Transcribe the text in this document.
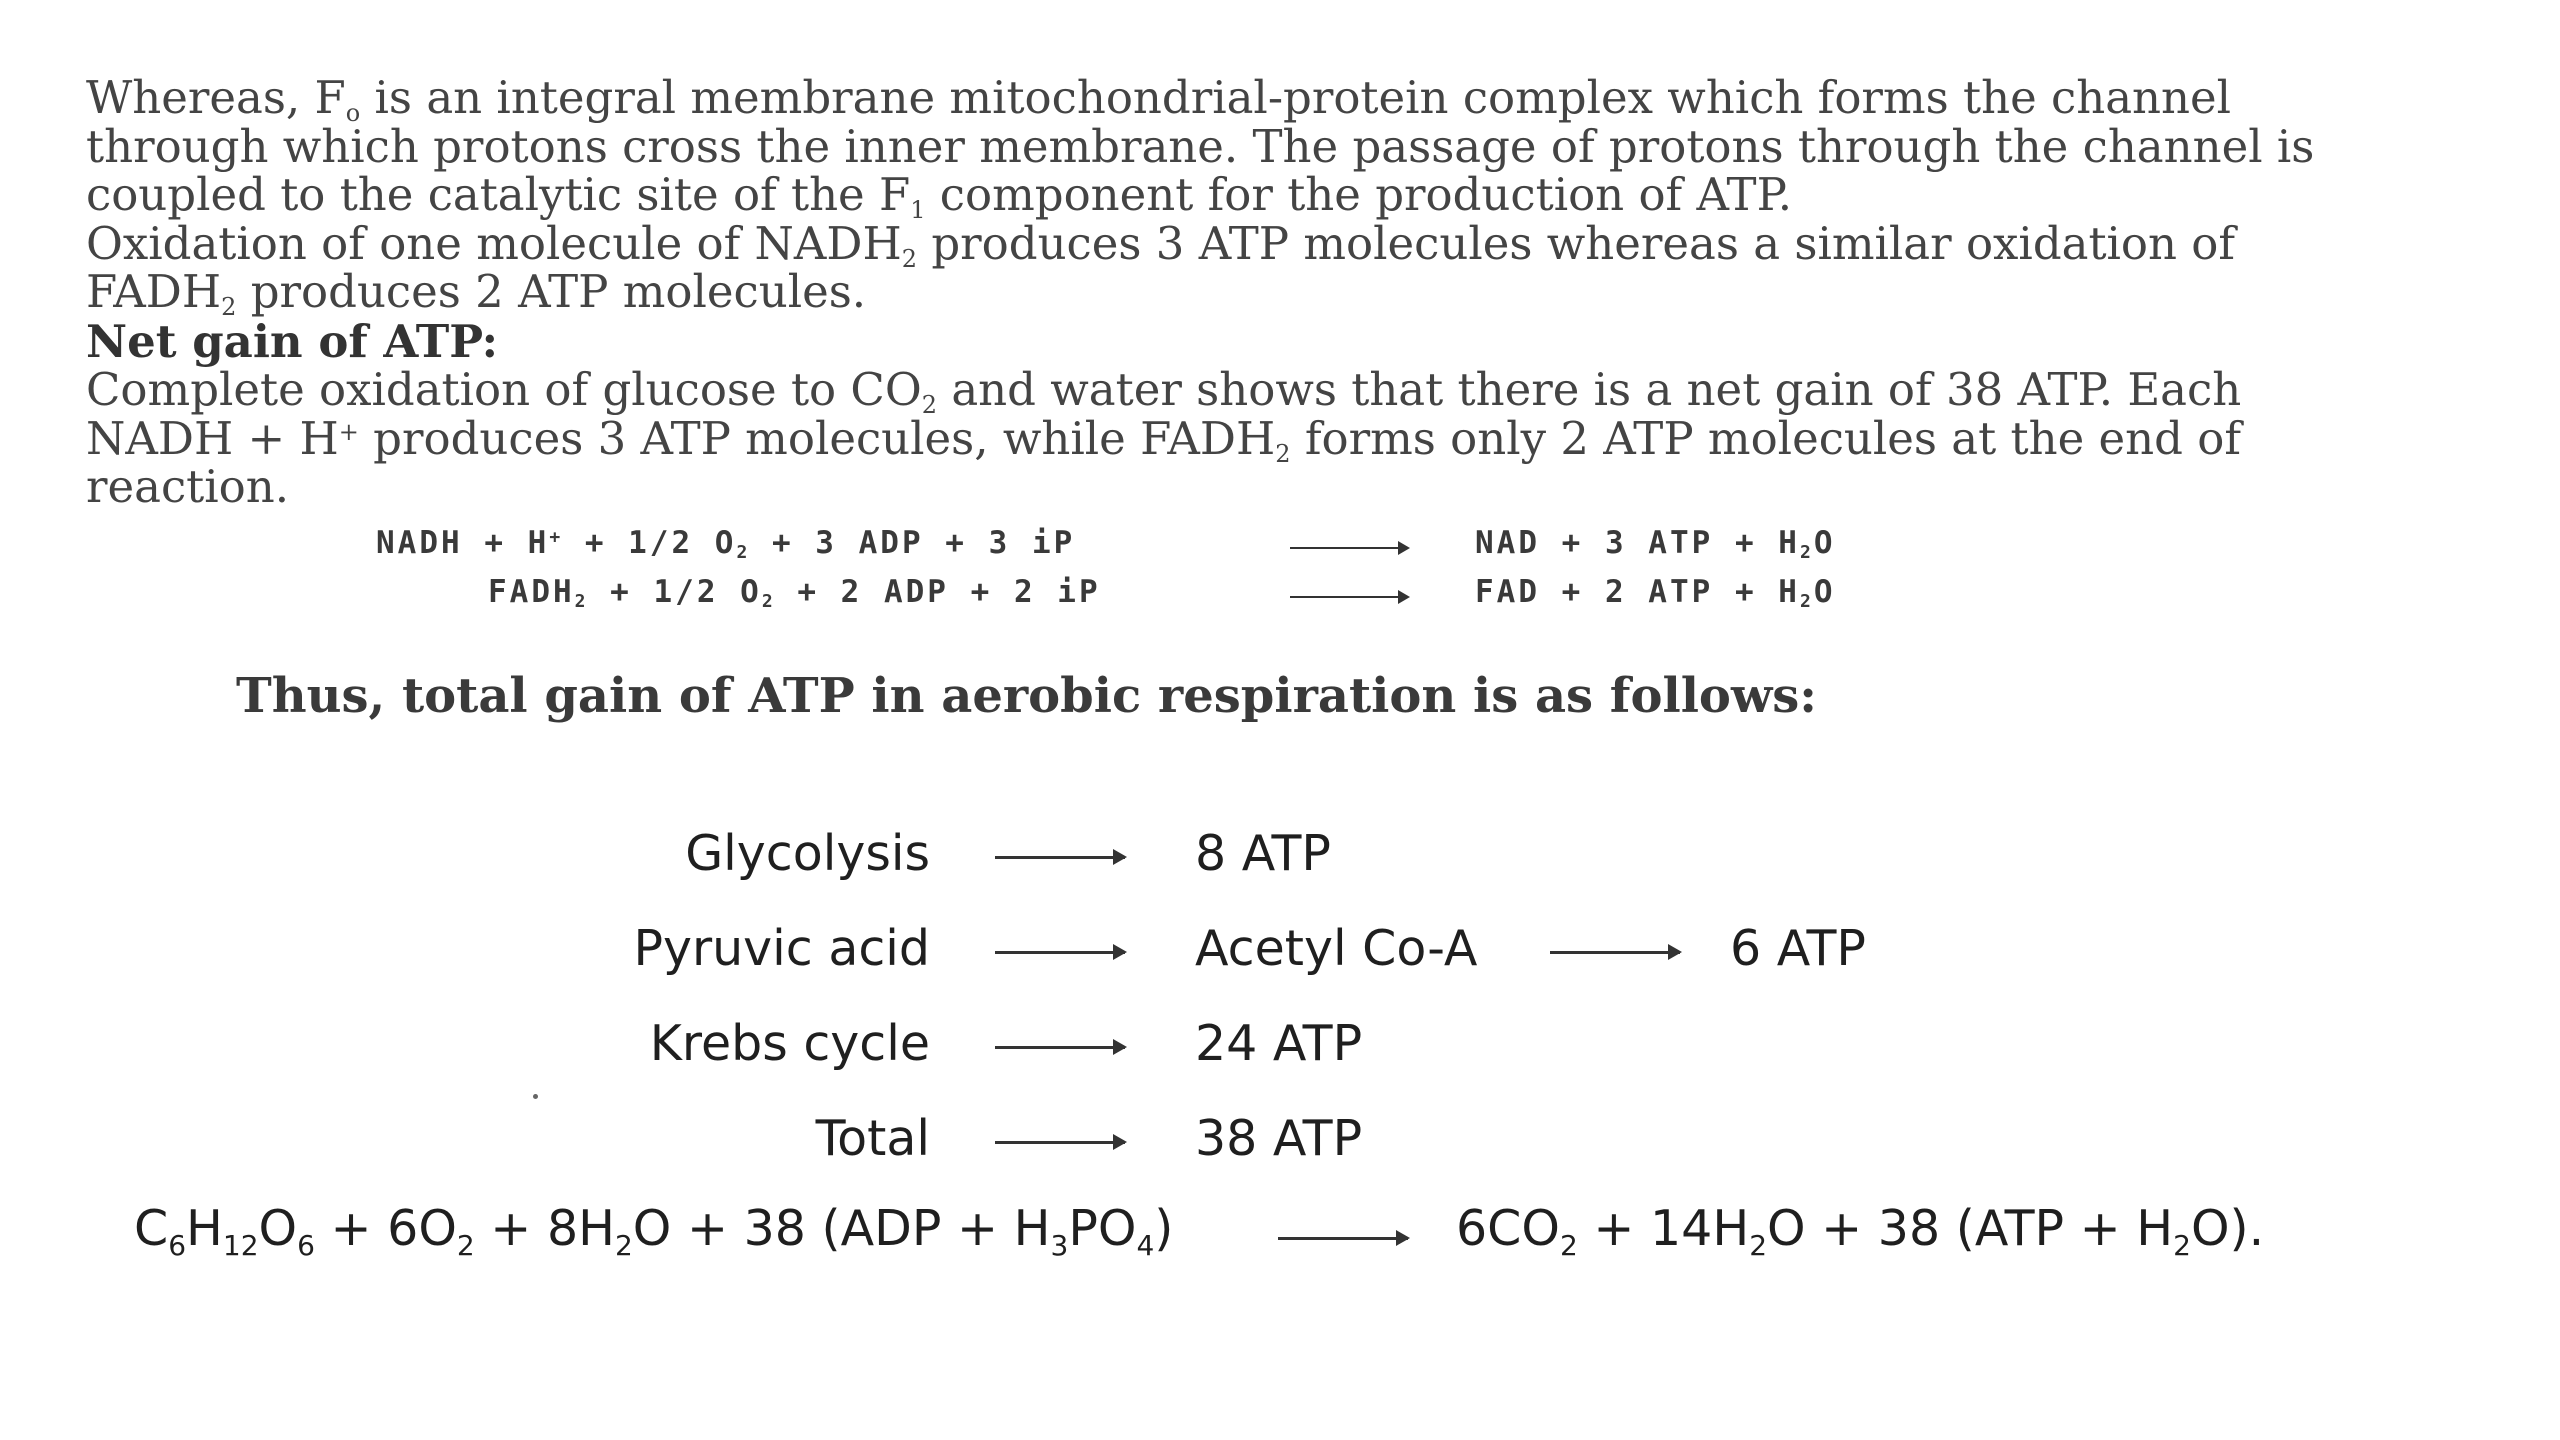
Whereas, $F_o$ is an integral membrane mitochondrial-protein complex which forms the channel through which protons cross the inner membrane. The passage of protons through the channel is coupled to the catalytic site of the $F_1$ component for the production of ATP.
Oxidation of one molecule of $NADH_2$ produces 3 ATP molecules whereas a similar oxidation of $FADH_2$ produces 2 ATP molecules.
Net gain of ATP:
Complete oxidation of glucose to $CO_2$ and water shows that there is a net gain of 38 ATP. Each NADH + H+ produces 3 ATP molecules, while $FADH_2$ forms only 2 ATP molecules at the end of reaction.
NADH + H+ + 1/2 $O_2 + 3$ ADP + 3 iP	NAD + 3 ATP + $H_2O$
$FADH_2 + 1/2$ $O_2 + 2$ ADP + 2 iP	FAD + 2 ATP + $H_2O$
Thus, total gain of ATP in aerobic respiration is as follows:
Glycolysis	8 ATP
Pyruvic acid	Acetyl Co-A	6 ATP
Krebs cycle	24 ATP
Total	38 ATP
$C_6H_{12}O_6 + 6O_2 + 8H_2O + 38$ $(ADP + H_3PO_4)$	$6CO_2 + 14H_2O + 38$ $(ATP + H_2O)$.
